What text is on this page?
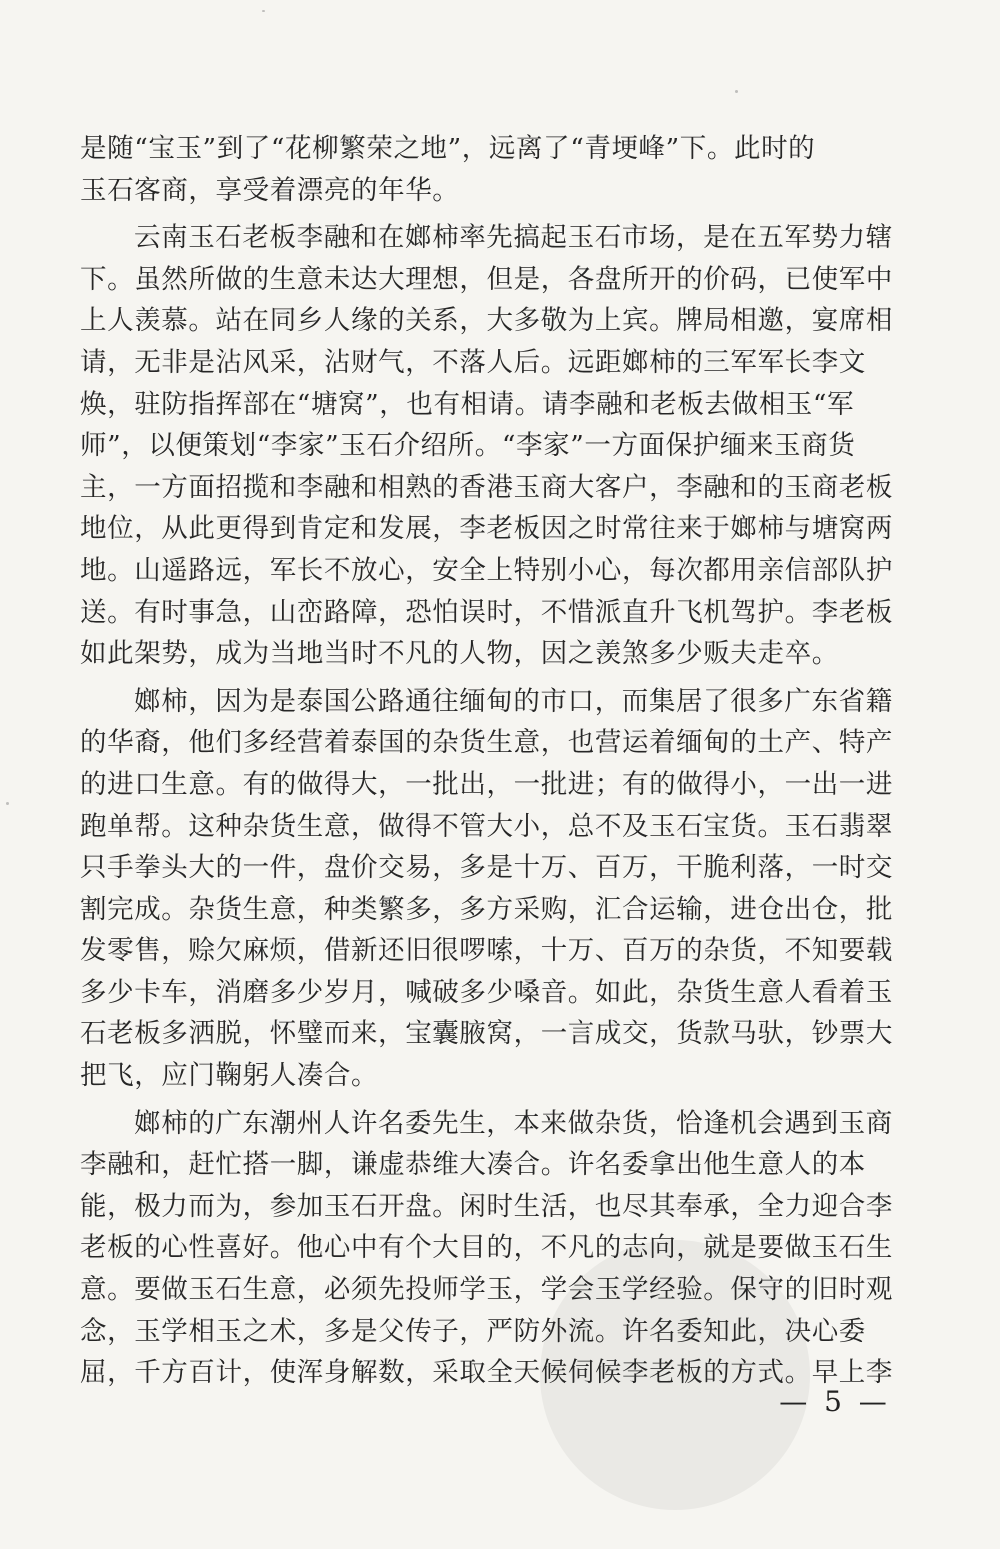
是随“宝玉”到了“花柳繁荣之地”，远离了“青埂峰”下。此时的
玉石客商，享受着漂亮的年华。
云南玉石老板李融和在嫏柿率先搞起玉石市场，是在五军势力辖
下。虽然所做的生意未达大理想，但是，各盘所开的价码，已使军中
上人羡慕。站在同乡人缘的关系，大多敬为上宾。牌局相邀，宴席相
请，无非是沾风采，沾财气，不落人后。远距嫏柿的三军军长李文
焕，驻防指挥部在“塘窝”，也有相请。请李融和老板去做相玉“军
师”，以便策划“李家”玉石介绍所。“李家”一方面保护缅来玉商货
主，一方面招揽和李融和相熟的香港玉商大客户，李融和的玉商老板
地位，从此更得到肯定和发展，李老板因之时常往来于嫏柿与塘窝两
地。山遥路远，军长不放心，安全上特别小心，每次都用亲信部队护
送。有时事急，山峦路障，恐怕误时，不惜派直升飞机驾护。李老板
如此架势，成为当地当时不凡的人物，因之羡煞多少贩夫走卒。
嫏柿，因为是泰国公路通往缅甸的市口，而集居了很多广东省籍
的华裔，他们多经营着泰国的杂货生意，也营运着缅甸的土产、特产
的进口生意。有的做得大，一批出，一批进；有的做得小，一出一进
跑单帮。这种杂货生意，做得不管大小，总不及玉石宝货。玉石翡翠
只手拳头大的一件，盘价交易，多是十万、百万，干脆利落，一时交
割完成。杂货生意，种类繁多，多方采购，汇合运输，进仓出仓，批
发零售，赊欠麻烦，借新还旧很啰嗦，十万、百万的杂货，不知要载
多少卡车，消磨多少岁月，喊破多少嗓音。如此，杂货生意人看着玉
石老板多洒脱，怀璧而来，宝囊腋窝，一言成交，货款马驮，钞票大
把飞，应门鞠躬人凑合。
嫏柿的广东潮州人许名委先生，本来做杂货，恰逢机会遇到玉商
李融和，赶忙搭一脚，谦虚恭维大凑合。许名委拿出他生意人的本
能，极力而为，参加玉石开盘。闲时生活，也尽其奉承，全力迎合李
老板的心性喜好。他心中有个大目的，不凡的志向，就是要做玉石生
意。要做玉石生意，必须先投师学玉，学会玉学经验。保守的旧时观
念，玉学相玉之术，多是父传子，严防外流。许名委知此，决心委
屈，千方百计，使浑身解数，采取全天候伺候李老板的方式。早上李
— 5 —
